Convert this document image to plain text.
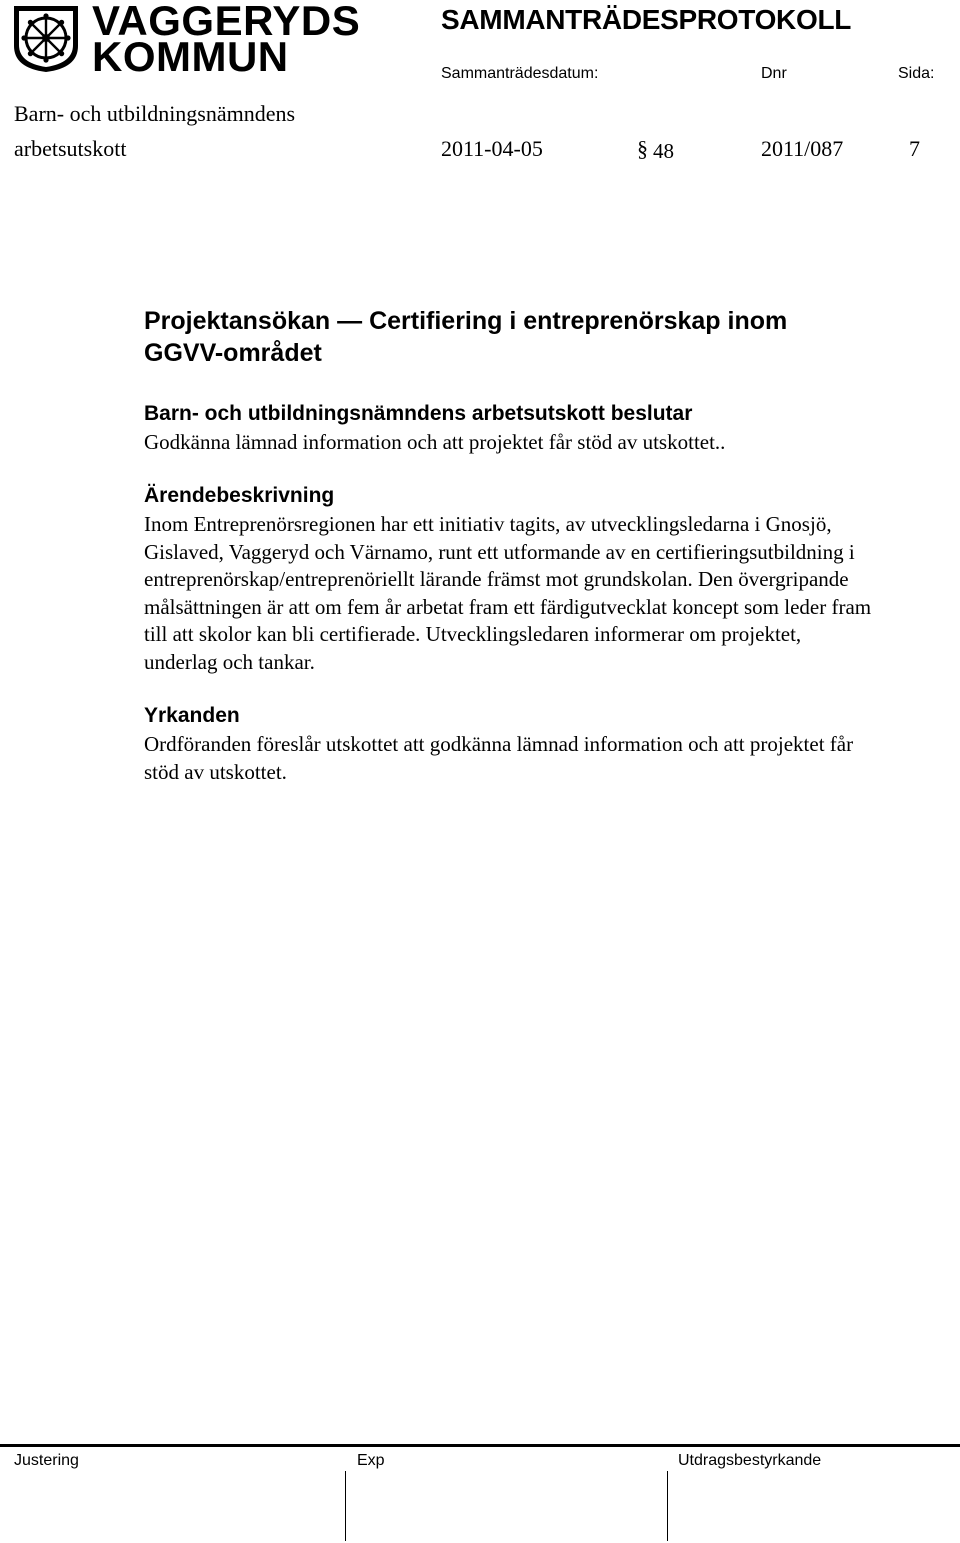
VAGGERYDS
KOMMUN
SAMMANTRÄDESPROTOKOLL
Sammanträdesdatum:	Dnr	Sida:
Barn- och utbildningsnämndens
arbetsutskott	2011-04-05	§ 48	2011/087	7
Projektansökan — Certifiering i entreprenörskap inom
GGVV-området
Barn- och utbildningsnämndens arbetsutskott beslutar
Godkänna lämnad information och att projektet får stöd av utskottet..
Ärendebeskrivning
Inom Entreprenörsregionen har ett initiativ tagits, av utvecklingsledarna i Gnosjö, Gislaved, Vaggeryd och Värnamo, runt ett utformande av en certifieringsutbildning i entreprenörskap/entreprenöriellt lärande främst mot grundskolan. Den övergripande målsättningen är att om fem år arbetat fram ett färdigutvecklat koncept som leder fram till att skolor kan bli certifierade. Utvecklingsledaren informerar om projektet, underlag och tankar.
Yrkanden
Ordföranden föreslår utskottet att godkänna lämnad information och att projektet får stöd av utskottet.
Justering	Exp	Utdragsbestyrkande
